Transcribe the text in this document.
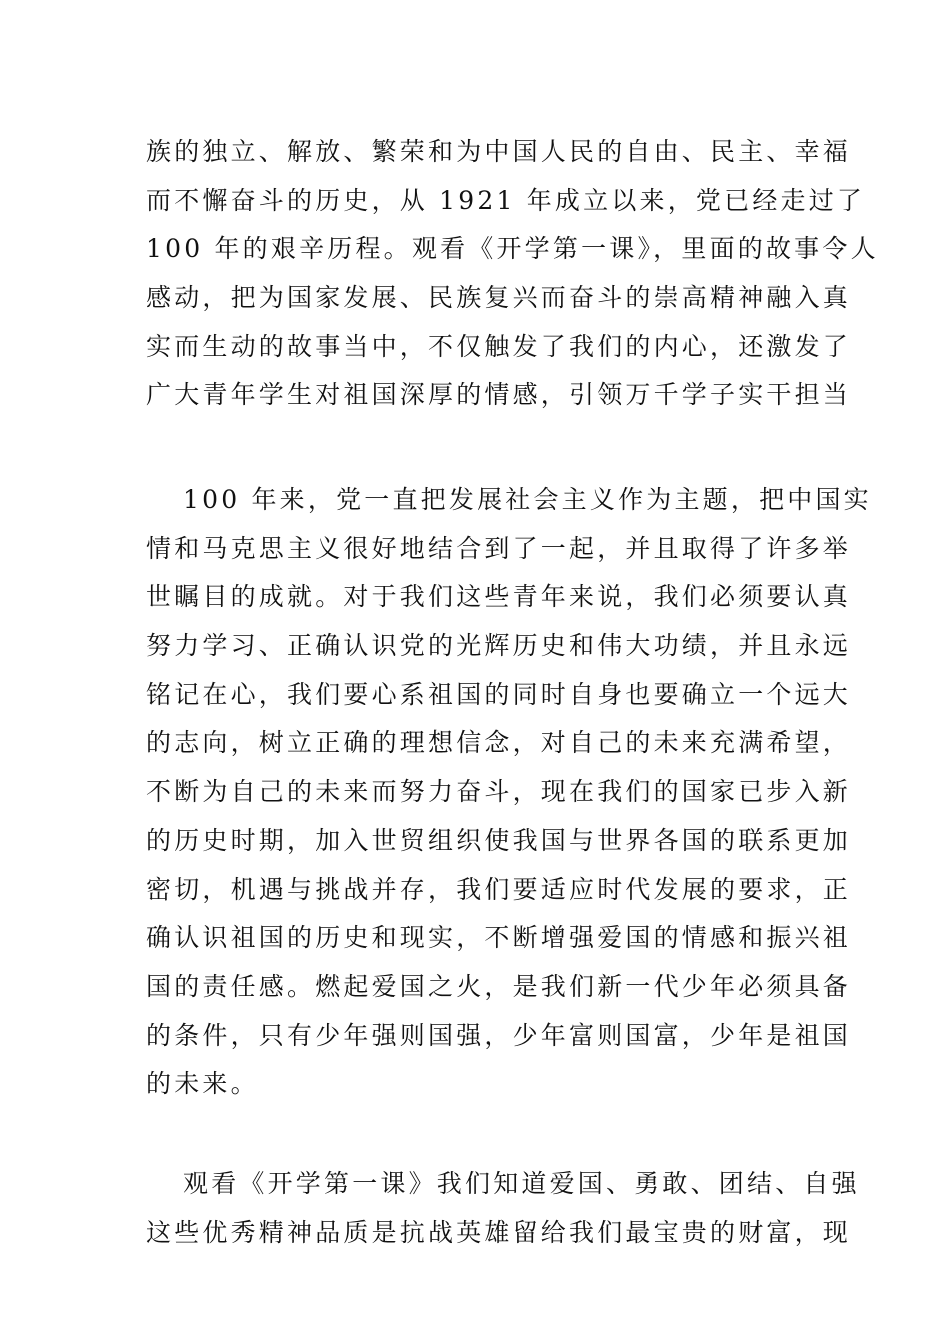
族的独立、解放、繁荣和为中国人民的自由、民主、幸福
而不懈奋斗的历史，从 1921 年成立以来，党已经走过了
100 年的艰辛历程。观看《开学第一课》，里面的故事令人
感动，把为国家发展、民族复兴而奋斗的崇高精神融入真
实而生动的故事当中，不仅触发了我们的内心，还激发了
广大青年学生对祖国深厚的情感，引领万千学子实干担当
100 年来，党一直把发展社会主义作为主题，把中国实
情和马克思主义很好地结合到了一起，并且取得了许多举
世瞩目的成就。对于我们这些青年来说，我们必须要认真
努力学习、正确认识党的光辉历史和伟大功绩，并且永远
铭记在心，我们要心系祖国的同时自身也要确立一个远大
的志向，树立正确的理想信念，对自己的未来充满希望，
不断为自己的未来而努力奋斗，现在我们的国家已步入新
的历史时期，加入世贸组织使我国与世界各国的联系更加
密切，机遇与挑战并存，我们要适应时代发展的要求，正
确认识祖国的历史和现实，不断增强爱国的情感和振兴祖
国的责任感。燃起爱国之火，是我们新一代少年必须具备
的条件，只有少年强则国强，少年富则国富，少年是祖国
的未来。
观看《开学第一课》我们知道爱国、勇敢、团结、自强
这些优秀精神品质是抗战英雄留给我们最宝贵的财富，现
